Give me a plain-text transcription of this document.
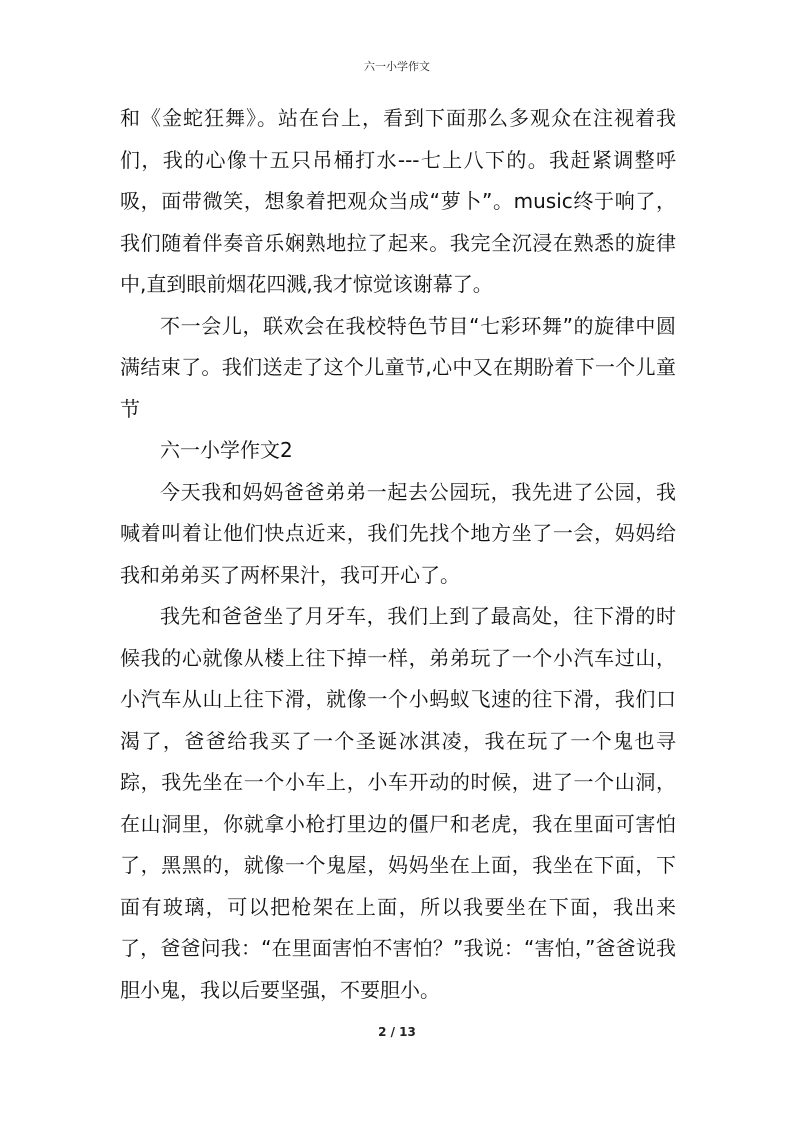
六一小学作文

和《金蛇狂舞》。站在台上，看到下面那么多观众在注视着我们，我的心像十五只吊桶打水---七上八下的。我赶紧调整呼吸，面带微笑，想象着把观众当成“萝卜”。music终于响了，我们随着伴奏音乐娴熟地拉了起来。我完全沉浸在熟悉的旋律中,直到眼前烟花四溅,我才惊觉该谢幕了。

不一会儿，联欢会在我校特色节目“七彩环舞”的旋律中圆满结束了。我们送走了这个儿童节,心中又在期盼着下一个儿童节

六一小学作文2

今天我和妈妈爸爸弟弟一起去公园玩，我先进了公园，我喊着叫着让他们快点近来，我们先找个地方坐了一会，妈妈给我和弟弟买了两杯果汁，我可开心了。

我先和爸爸坐了月牙车，我们上到了最高处，往下滑的时候我的心就像从楼上往下掉一样，弟弟玩了一个小汽车过山，小汽车从山上往下滑，就像一个小蚂蚁飞速的往下滑，我们口渴了，爸爸给我买了一个圣诞冰淇凌，我在玩了一个鬼也寻踪，我先坐在一个小车上，小车开动的时候，进了一个山洞，在山洞里，你就拿小枪打里边的僵尸和老虎，我在里面可害怕了，黑黑的，就像一个鬼屋，妈妈坐在上面，我坐在下面，下面有玻璃，可以把枪架在上面，所以我要坐在下面，我出来了，爸爸问我：“在里面害怕不害怕？”我说：“害怕，”爸爸说我胆小鬼，我以后要坚强，不要胆小。

2 / 13
